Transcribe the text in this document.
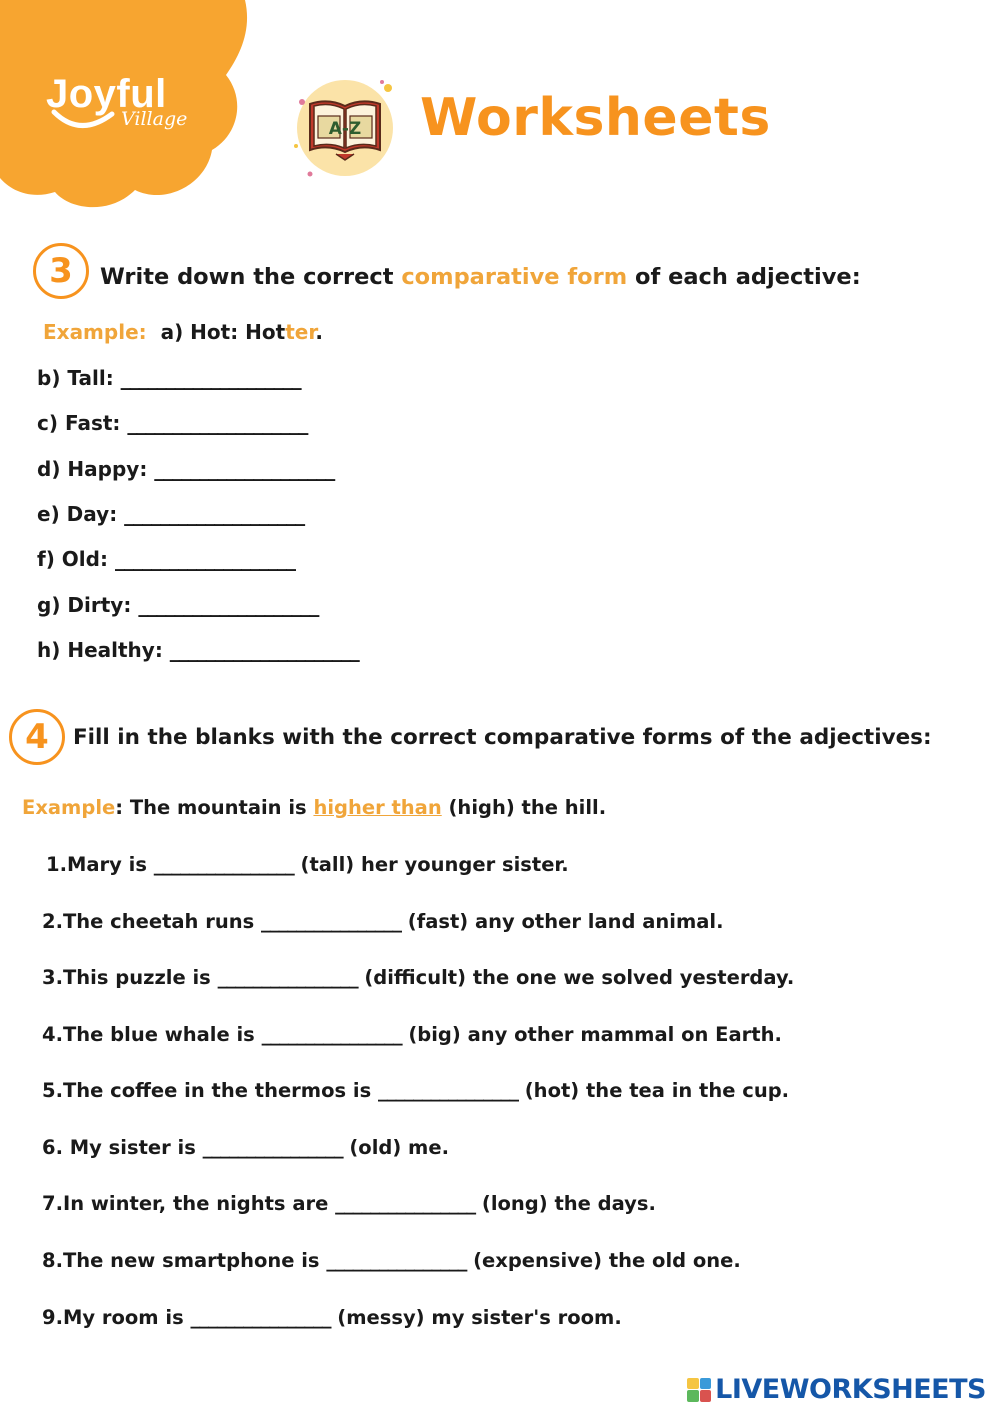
Joyful
Village	A-Z Worksheets
3	Write down the correct comparative form of each adjective:
Example: a) Hot: Hotter.
b) Tall: ____________________
c) Fast: ____________________
d) Happy: ____________________
e) Day: ____________________
f) Old: ____________________
g) Dirty: ____________________
h) Healthy: _____________________
4	Fill in the blanks with the correct comparative forms of the adjectives:
Example: The mountain is higher than (high) the hill.
1.Mary is ________________ (tall) her younger sister.
2.The cheetah runs ________________ (fast) any other land animal.
3.This puzzle is ________________ (difficult) the one we solved yesterday.
4.The blue whale is ________________ (big) any other mammal on Earth.
5.The coffee in the thermos is ________________ (hot) the tea in the cup.
6. My sister is ________________ (old) me.
7.In winter, the nights are ________________ (long) the days.
8.The new smartphone is ________________ (expensive) the old one.
9.My room is ________________ (messy) my sister's room.
LIVEWORKSHEETS
